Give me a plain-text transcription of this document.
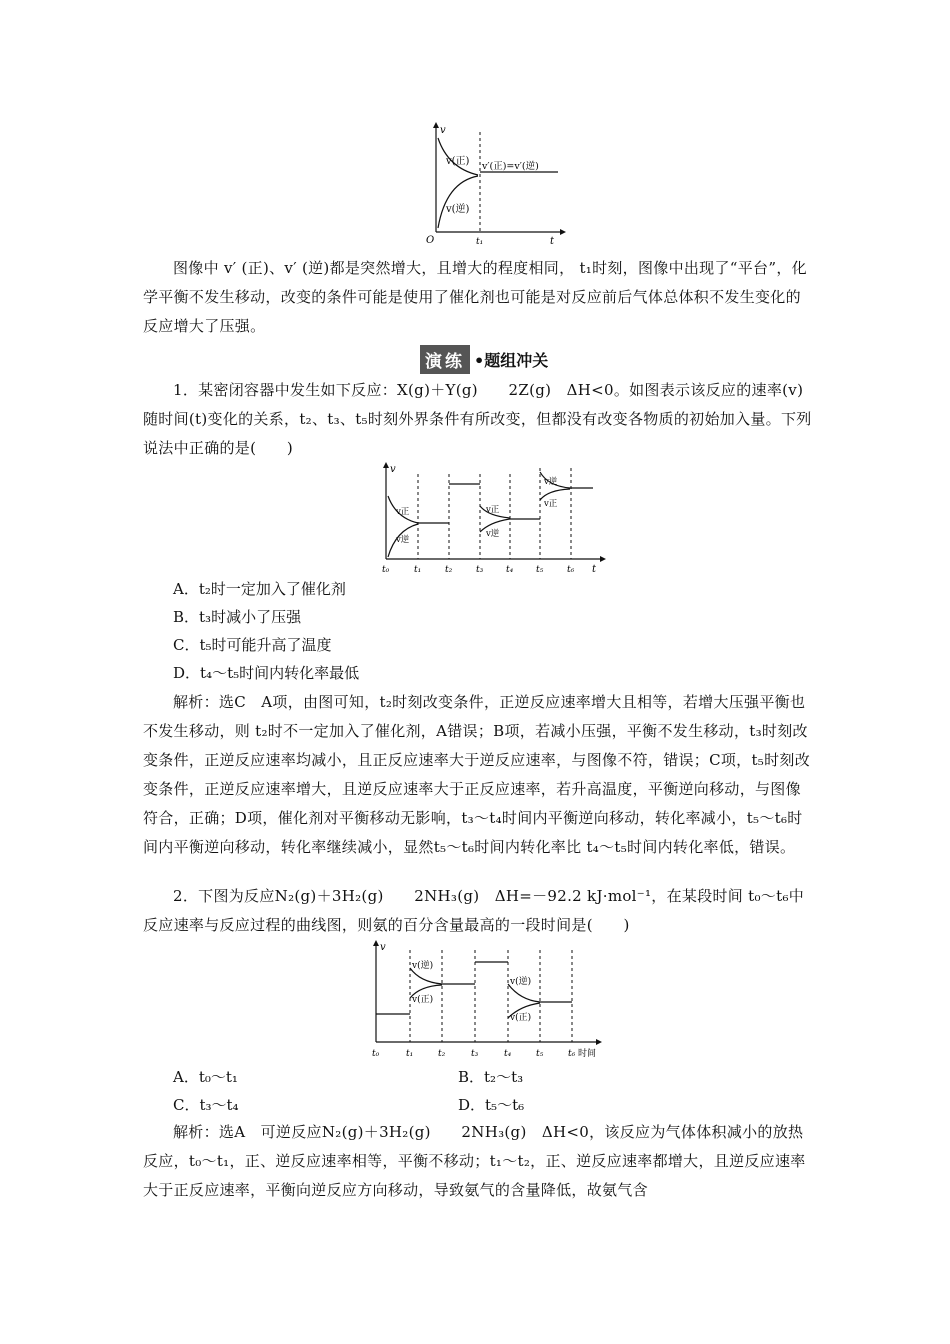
v
O	t
t₁
v(正)
v(逆)
v′(正)=v′(逆)
图像中 v′ (正)、v′ (逆)都是突然增大，且增大的程度相同， t₁时刻，图像中出现了“平台”，化学平衡不发生移动，改变的条件可能是使用了催化剂也可能是对反应前后气体总体积不发生变化的反应增大了压强。
演练 •题组冲关
1．某密闭容器中发生如下反应：X(g)＋Y(g)　　2Z(g)　ΔH<0。如图表示该反应的速率(v)随时间(t)变化的关系，t₂、t₃、t₅时刻外界条件有所改变，但都没有改变各物质的初始加入量。下列说法中正确的是(　　)
v
t
t₀	t₁	t₂	t₃	t₄	t₅	t₆
v正
v逆
v正
v逆
v逆
v正
A．t₂时一定加入了催化剂
B．t₃时减小了压强
C．t₅时可能升高了温度
D．t₄～t₅时间内转化率最低
解析：选C　A项，由图可知，t₂时刻改变条件，正逆反应速率增大且相等，若增大压强平衡也不发生移动，则 t₂时不一定加入了催化剂，A错误；B项，若减小压强，平衡不发生移动，t₃时刻改变条件，正逆反应速率均减小，且正反应速率大于逆反应速率，与图像不符，错误；C项，t₅时刻改变条件，正逆反应速率增大，且逆反应速率大于正反应速率，若升高温度，平衡逆向移动，与图像符合，正确；D项，催化剂对平衡移动无影响，t₃～t₄时间内平衡逆向移动，转化率减小，t₅～t₆时间内平衡逆向移动，转化率继续减小，显然t₅～t₆时间内转化率比 t₄～t₅时间内转化率低，错误。
2．下图为反应N₂(g)＋3H₂(g)　　2NH₃(g)　ΔH=－92.2 kJ·mol⁻¹，在某段时间 t₀～t₆中反应速率与反应过程的曲线图，则氨的百分含量最高的一段时间是(　　)
v
t₀	t₁	t₂	t₃	t₄	t₅	t₆ 时间
v(逆)
v(正)
v(逆)
v(正)
A．t₀～t₁	B．t₂～t₃
C．t₃～t₄	D．t₅～t₆
解析：选A　可逆反应N₂(g)＋3H₂(g)　　2NH₃(g)　ΔH<0，该反应为气体体积减小的放热反应，t₀～t₁，正、逆反应速率相等，平衡不移动；t₁～t₂，正、逆反应速率都增大，且逆反应速率大于正反应速率，平衡向逆反应方向移动，导致氨气的含量降低，故氨气含
